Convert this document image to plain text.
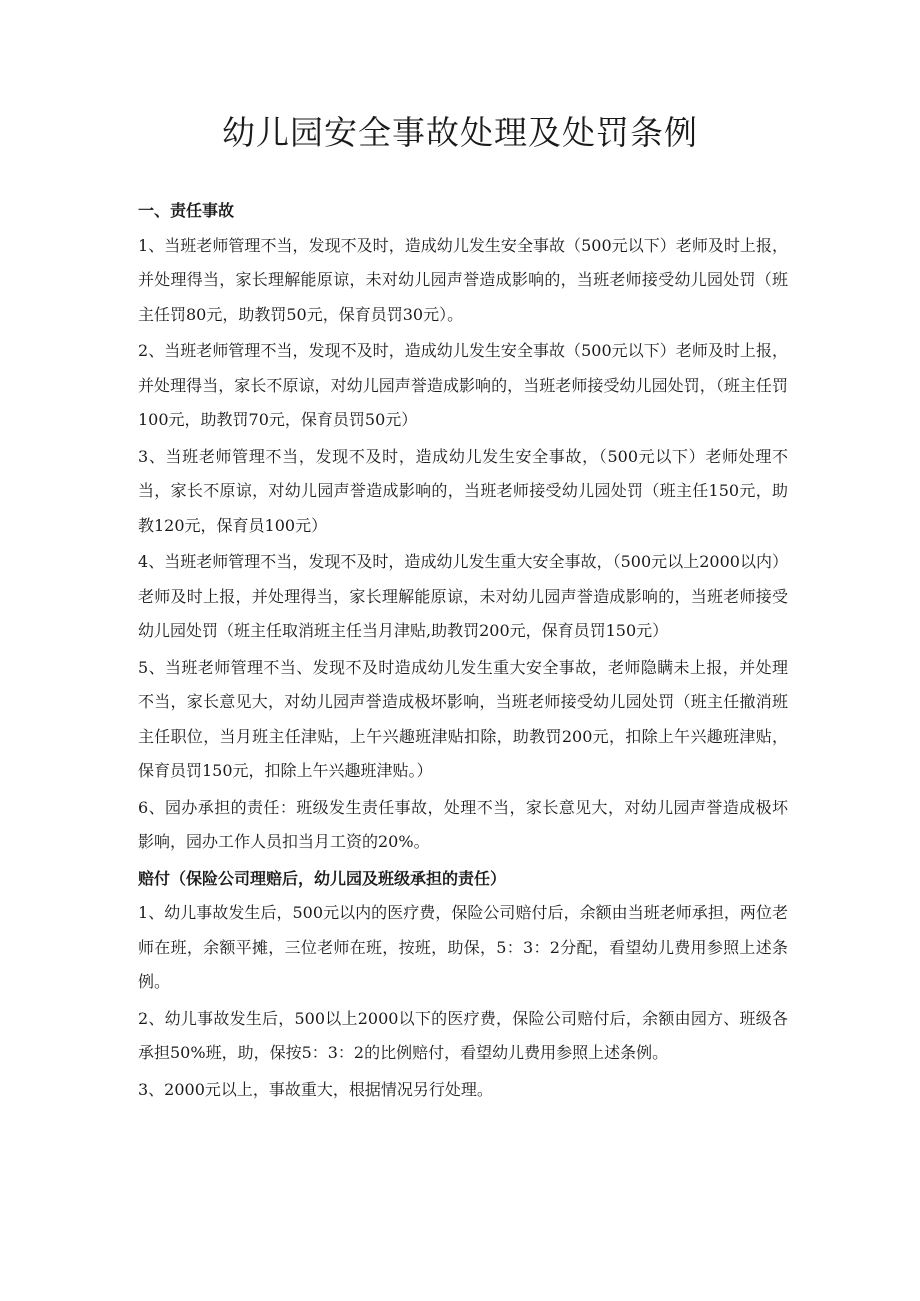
幼儿园安全事故处理及处罚条例

一、责任事故

1、当班老师管理不当，发现不及时，造成幼儿发生安全事故（500元以下）老师及时上报，并处理得当，家长理解能原谅，未对幼儿园声誉造成影响的，当班老师接受幼儿园处罚（班主任罚80元，助教罚50元，保育员罚30元）。

2、当班老师管理不当，发现不及时，造成幼儿发生安全事故（500元以下）老师及时上报，并处理得当，家长不原谅，对幼儿园声誉造成影响的，当班老师接受幼儿园处罚，（班主任罚100元，助教罚70元，保育员罚50元）

3、当班老师管理不当，发现不及时，造成幼儿发生安全事故，（500元以下）老师处理不当，家长不原谅，对幼儿园声誉造成影响的，当班老师接受幼儿园处罚（班主任150元，助教120元，保育员100元）

4、当班老师管理不当，发现不及时，造成幼儿发生重大安全事故，（500元以上2000以内）老师及时上报，并处理得当，家长理解能原谅，未对幼儿园声誉造成影响的，当班老师接受幼儿园处罚（班主任取消班主任当月津贴,助教罚200元，保育员罚150元）

5、当班老师管理不当、发现不及时造成幼儿发生重大安全事故，老师隐瞒未上报，并处理不当，家长意见大，对幼儿园声誉造成极坏影响，当班老师接受幼儿园处罚（班主任撤消班主任职位，当月班主任津贴，上午兴趣班津贴扣除，助教罚200元，扣除上午兴趣班津贴，保育员罚150元，扣除上午兴趣班津贴。）

6、园办承担的责任：班级发生责任事故，处理不当，家长意见大，对幼儿园声誉造成极坏影响，园办工作人员扣当月工资的20%。

赔付（保险公司理赔后，幼儿园及班级承担的责任）

1、幼儿事故发生后，500元以内的医疗费，保险公司赔付后，余额由当班老师承担，两位老师在班，余额平摊，三位老师在班，按班，助保，5：3：2分配，看望幼儿费用参照上述条例。

2、幼儿事故发生后，500以上2000以下的医疗费，保险公司赔付后，余额由园方、班级各承担50%班，助，保按5：3：2的比例赔付，看望幼儿费用参照上述条例。

3、2000元以上，事故重大，根据情况另行处理。
